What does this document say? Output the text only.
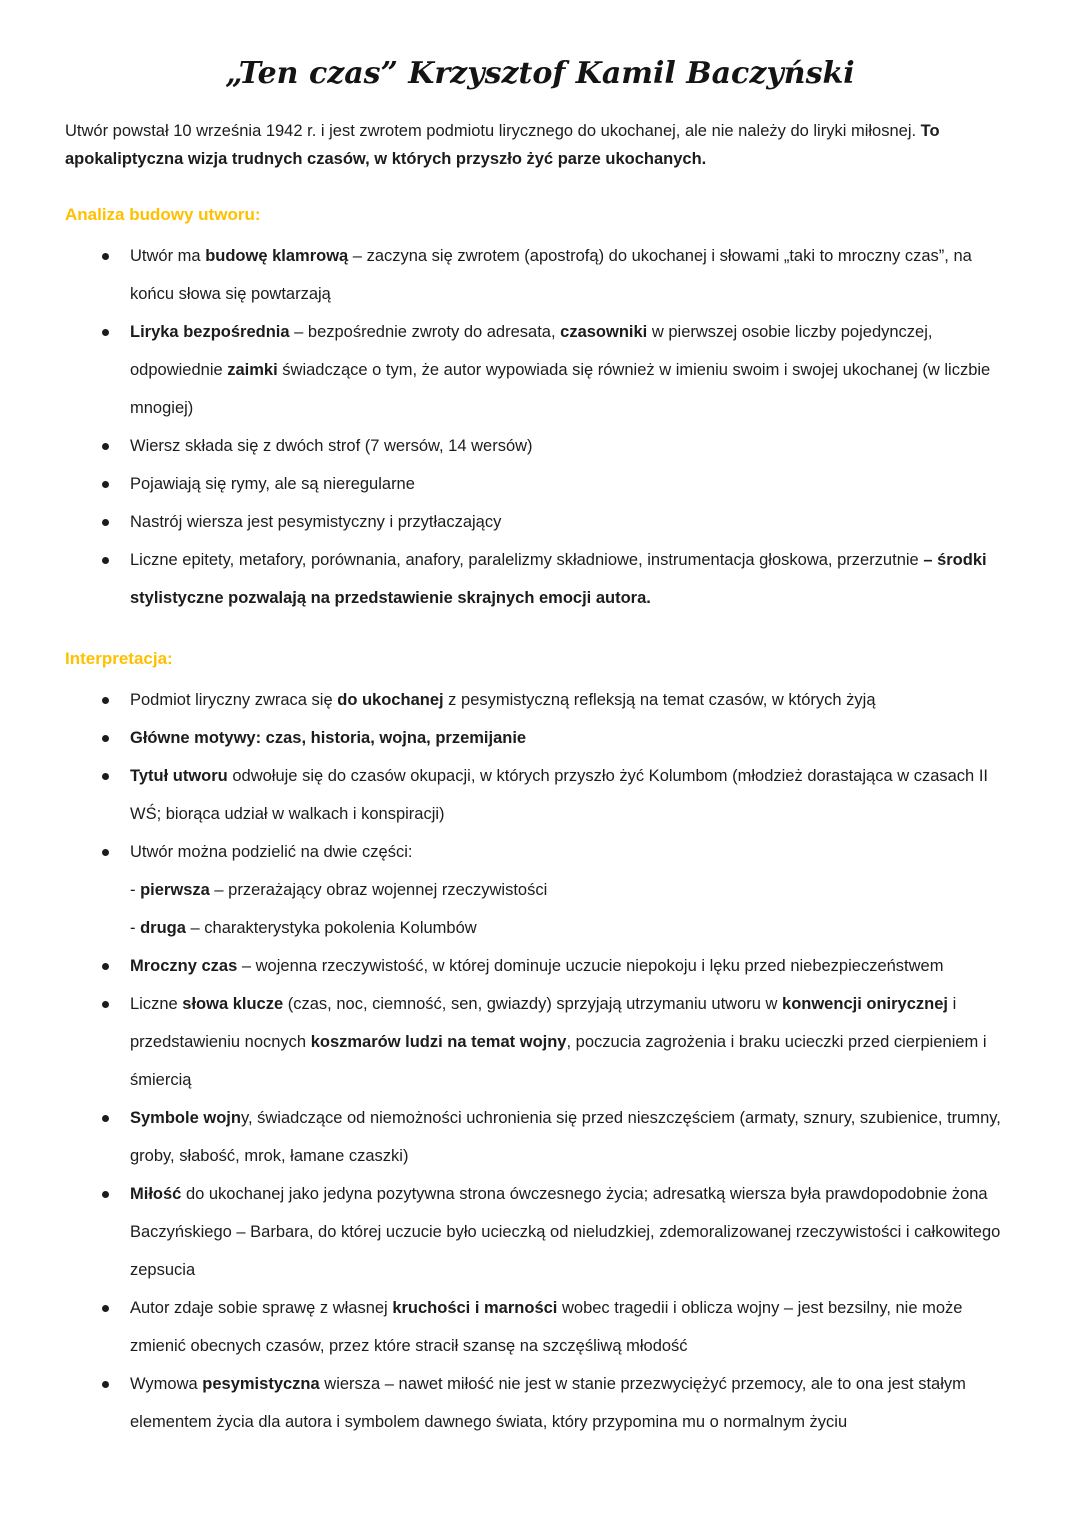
„Ten czas” Krzysztof Kamil Baczyński

Utwór powstał 10 września 1942 r. i jest zwrotem podmiotu lirycznego do ukochanej, ale nie należy do liryki miłosnej. To apokaliptyczna wizja trudnych czasów, w których przyszło żyć parze ukochanych.

Analiza budowy utworu:
Utwór ma budowę klamrową – zaczyna się zwrotem (apostrofą) do ukochanej i słowami „taki to mroczny czas”, na końcu słowa się powtarzają
Liryka bezpośrednia – bezpośrednie zwroty do adresata, czasowniki w pierwszej osobie liczby pojedynczej, odpowiednie zaimki świadczące o tym, że autor wypowiada się również w imieniu swoim i swojej ukochanej (w liczbie mnogiej)
Wiersz składa się z dwóch strof (7 wersów, 14 wersów)
Pojawiają się rymy, ale są nieregularne
Nastrój wiersza jest pesymistyczny i przytłaczający
Liczne epitety, metafory, porównania, anafory, paralelizmy składniowe, instrumentacja głoskowa, przerzutnie – środki stylistyczne pozwalają na przedstawienie skrajnych emocji autora.
Interpretacja:
Podmiot liryczny zwraca się do ukochanej z pesymistyczną refleksją na temat czasów, w których żyją
Główne motywy: czas, historia, wojna, przemijanie
Tytuł utworu odwołuje się do czasów okupacji, w których przyszło żyć Kolumbom (młodzież dorastająca w czasach II WŚ; biorąca udział w walkach i konspiracji)
Utwór można podzielić na dwie części:
- pierwsza – przerażający obraz wojennej rzeczywistości
- druga – charakterystyka pokolenia Kolumbów
Mroczny czas – wojenna rzeczywistość, w której dominuje uczucie niepokoju i lęku przed niebezpieczeństwem
Liczne słowa klucze (czas, noc, ciemność, sen, gwiazdy) sprzyjają utrzymaniu utworu w konwencji onirycznej i przedstawieniu nocnych koszmarów ludzi na temat wojny, poczucia zagrożenia i braku ucieczki przed cierpieniem i śmiercią
Symbole wojny, świadczące od niemożności uchronienia się przed nieszczęściem (armaty, sznury, szubienice, trumny, groby, słabość, mrok, łamane czaszki)
Miłość do ukochanej jako jedyna pozytywna strona ówczesnego życia; adresatką wiersza była prawdopodobnie żona Baczyńskiego – Barbara, do której uczucie było ucieczką od nieludzkiej, zdemoralizowanej rzeczywistości i całkowitego zepsucia
Autor zdaje sobie sprawę z własnej kruchości i marności wobec tragedii i oblicza wojny – jest bezsilny, nie może zmienić obecnych czasów, przez które stracił szansę na szczęśliwą młodość
Wymowa pesymistyczna wiersza – nawet miłość nie jest w stanie przezwyciężyć przemocy, ale to ona jest stałym elementem życia dla autora i symbolem dawnego świata, który przypomina mu o normalnym życiu
